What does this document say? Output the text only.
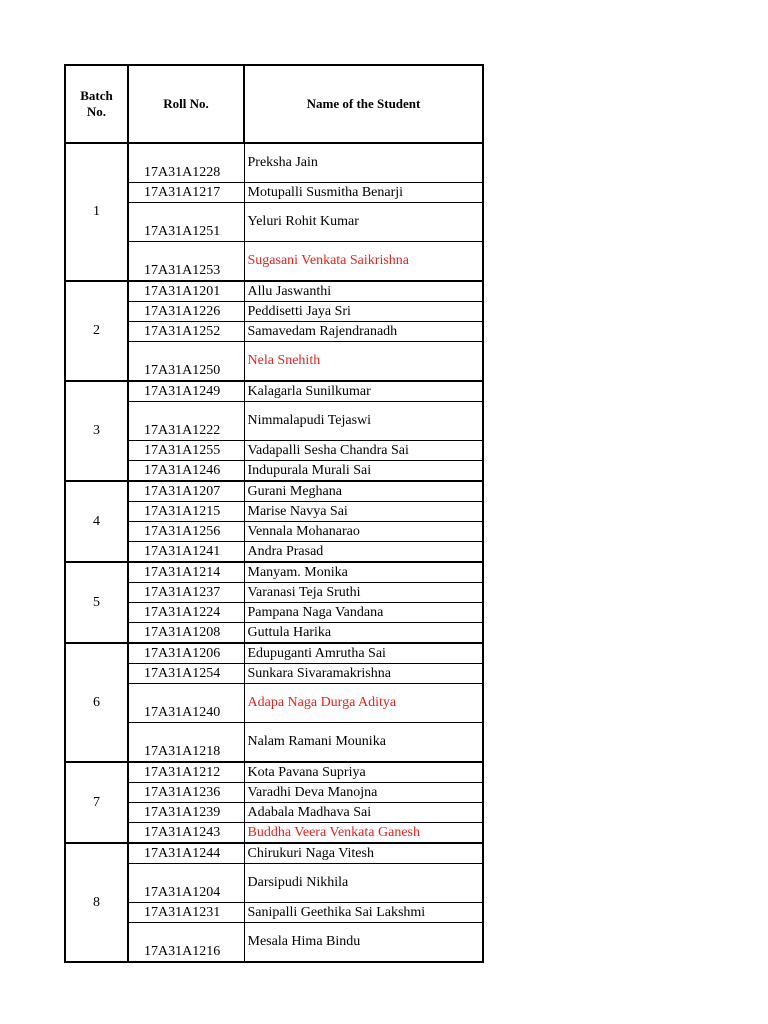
Batch
No.	Roll No.	Name of the Student
1	17A31A1228	Preksha Jain
	17A31A1217	Motupalli Susmitha Benarji
	17A31A1251	Yeluri Rohit Kumar
	17A31A1253	Sugasani Venkata Saikrishna
2	17A31A1201	Allu Jaswanthi
	17A31A1226	Peddisetti Jaya Sri
	17A31A1252	Samavedam Rajendranadh
	17A31A1250	Nela Snehith
3	17A31A1249	Kalagarla Sunilkumar
	17A31A1222	Nimmalapudi Tejaswi
	17A31A1255	Vadapalli Sesha Chandra Sai
	17A31A1246	Indupurala Murali Sai
4	17A31A1207	Gurani Meghana
	17A31A1215	Marise Navya Sai
	17A31A1256	Vennala Mohanarao
	17A31A1241	Andra Prasad
5	17A31A1214	Manyam. Monika
	17A31A1237	Varanasi Teja Sruthi
	17A31A1224	Pampana Naga Vandana
	17A31A1208	Guttula Harika
6	17A31A1206	Edupuganti Amrutha Sai
	17A31A1254	Sunkara Sivaramakrishna
	17A31A1240	Adapa Naga Durga Aditya
	17A31A1218	Nalam Ramani Mounika
7	17A31A1212	Kota Pavana Supriya
	17A31A1236	Varadhi Deva Manojna
	17A31A1239	Adabala Madhava Sai
	17A31A1243	Buddha Veera Venkata Ganesh
8	17A31A1244	Chirukuri Naga Vitesh
	17A31A1204	Darsipudi Nikhila
	17A31A1231	Sanipalli Geethika Sai Lakshmi
	17A31A1216	Mesala Hima Bindu
